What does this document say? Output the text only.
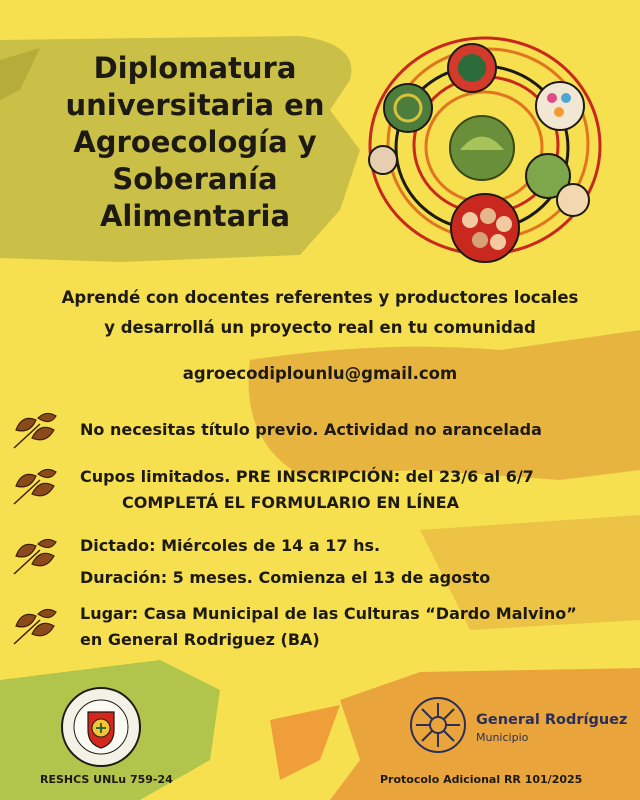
Diplomatura
universitaria en
Agroecología y
Soberanía
Alimentaria
Aprendé con docentes referentes y productores locales
y desarrollá un proyecto real en tu comunidad
agroecodiplounlu@gmail.com
No necesitas título previo. Actividad no arancelada
Cupos limitados. PRE INSCRIPCIÓN: del 23/6 al 6/7
COMPLETÁ EL FORMULARIO EN LÍNEA
Dictado: Miércoles de 14 a 17 hs.
Duración: 5 meses. Comienza el 13 de agosto
Lugar: Casa Municipal de las Culturas “Dardo Malvino”
en General Rodriguez (BA)
RESHCS UNLu 759-24	Protocolo Adicional RR 101/2025
General Rodríguez
Municipio
